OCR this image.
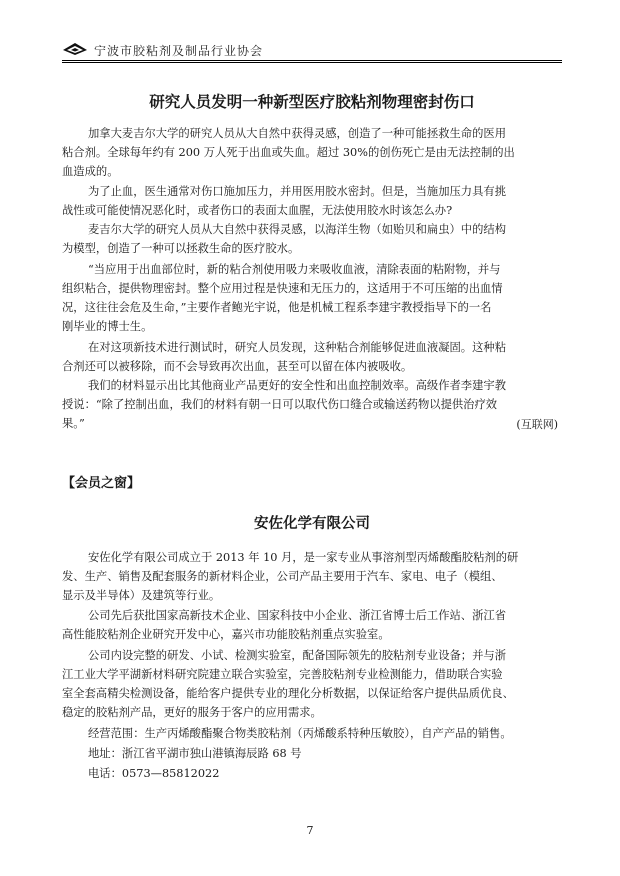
宁波市胶粘剂及制品行业协会
研究人员发明一种新型医疗胶粘剂物理密封伤口
加拿大麦吉尔大学的研究人员从大自然中获得灵感，创造了一种可能拯救生命的医用
粘合剂。全球每年约有 200 万人死于出血或失血。超过 30%的创伤死亡是由无法控制的出
血造成的。
为了止血，医生通常对伤口施加压力，并用医用胶水密封。但是，当施加压力具有挑
战性或可能使情况恶化时，或者伤口的表面太血腥，无法使用胶水时该怎么办?
麦吉尔大学的研究人员从大自然中获得灵感，以海洋生物（如贻贝和扁虫）中的结构
为模型，创造了一种可以拯救生命的医疗胶水。
“当应用于出血部位时，新的粘合剂使用吸力来吸收血液，清除表面的粘附物，并与
组织粘合，提供物理密封。整个应用过程是快速和无压力的，这适用于不可压缩的出血情
况，这往往会危及生命，”主要作者鲍光宇说，他是机械工程系李建宇教授指导下的一名
刚毕业的博士生。
在对这项新技术进行测试时，研究人员发现，这种粘合剂能够促进血液凝固。这种粘
合剂还可以被移除，而不会导致再次出血，甚至可以留在体内被吸收。
我们的材料显示出比其他商业产品更好的安全性和出血控制效率。高级作者李建宇教
授说：“除了控制出血，我们的材料有朝一日可以取代伤口缝合或输送药物以提供治疗效
果。”	(互联网)
【会员之窗】
安佐化学有限公司
安佐化学有限公司成立于 2013 年 10 月，是一家专业从事溶剂型丙烯酸酯胶粘剂的研
发、生产、销售及配套服务的新材料企业，公司产品主要用于汽车、家电、电子（模组、
显示及半导体）及建筑等行业。
公司先后获批国家高新技术企业、国家科技中小企业、浙江省博士后工作站、浙江省
高性能胶粘剂企业研究开发中心，嘉兴市功能胶粘剂重点实验室。
公司内设完整的研发、小试、检测实验室，配备国际领先的胶粘剂专业设备；并与浙
江工业大学平湖新材料研究院建立联合实验室，完善胶粘剂专业检测能力，借助联合实验
室全套高精尖检测设备，能给客户提供专业的理化分析数据，以保证给客户提供品质优良、
稳定的胶粘剂产品，更好的服务于客户的应用需求。
经营范围：生产丙烯酸酯聚合物类胶粘剂（丙烯酸系特种压敏胶），自产产品的销售。
地址：浙江省平湖市独山港镇海辰路 68 号
电话：0573—85812022
7
